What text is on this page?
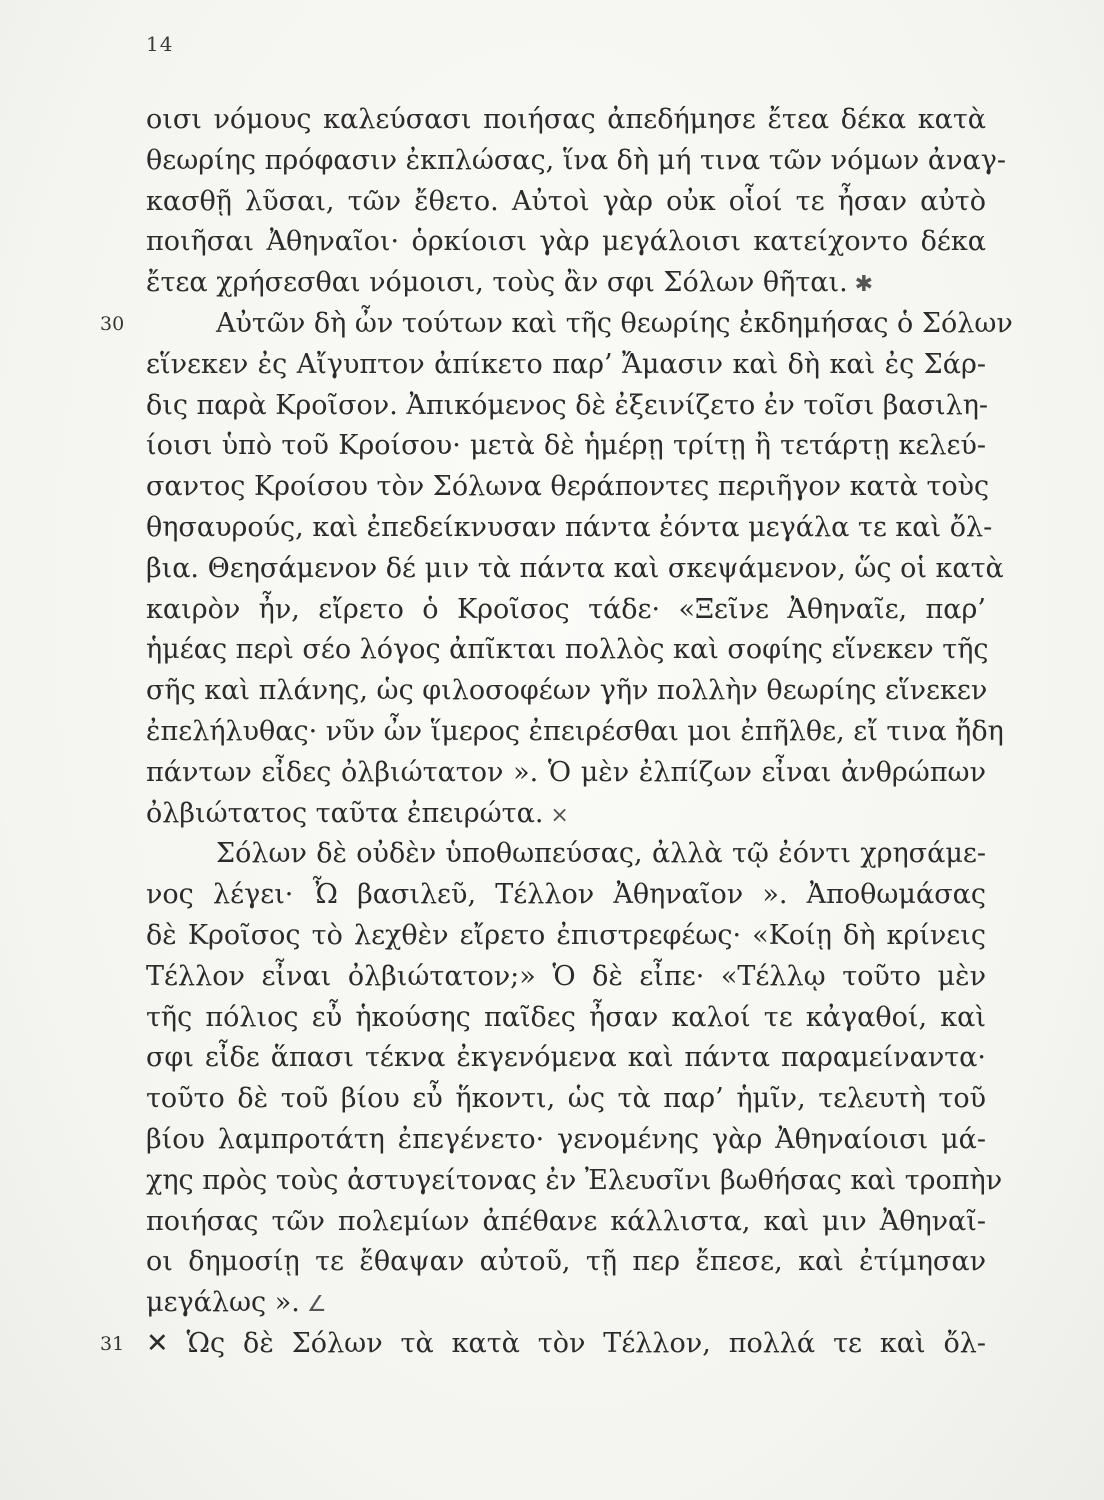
14
οισι νόμους καλεύσασι ποιήσας ἀπεδήμησε ἔτεα δέκα κατὰ
θεωρίης πρόφασιν ἐκπλώσας, ἵνα δὴ μή τινα τῶν νόμων ἀναγ-
κασθῇ λῦσαι, τῶν ἔθετο. Αὐτοὶ γὰρ οὐκ οἷοί τε ἦσαν αὐτὸ
ποιῆσαι Ἀθηναῖοι· ὁρκίοισι γὰρ μεγάλοισι κατείχοντο δέκα
ἔτεα χρήσεσθαι νόμοισι, τοὺς ἂν σφι Σόλων θῆται. ✱
30	Αὐτῶν δὴ ὦν τούτων καὶ τῆς θεωρίης ἐκδημήσας ὁ Σόλων
εἵνεκεν ἐς Αἴγυπτον ἀπίκετο παρ’ Ἄμασιν καὶ δὴ καὶ ἐς Σάρ-
δις παρὰ Κροῖσον. Ἀπικόμενος δὲ ἐξεινίζετο ἐν τοῖσι βασιλη-
ίοισι ὑπὸ τοῦ Κροίσου· μετὰ δὲ ἡμέρῃ τρίτῃ ἢ τετάρτῃ κελεύ-
σαντος Κροίσου τὸν Σόλωνα θεράποντες περιῆγον κατὰ τοὺς
θησαυρούς, καὶ ἐπεδείκνυσαν πάντα ἐόντα μεγάλα τε καὶ ὄλ-
βια. Θεησάμενον δέ μιν τὰ πάντα καὶ σκεψάμενον, ὥς οἱ κατὰ
καιρὸν ἦν, εἴρετο ὁ Κροῖσος τάδε· «Ξεῖνε Ἀθηναῖε, παρ’
ἡμέας περὶ σέο λόγος ἀπῖκται πολλὸς καὶ σοφίης εἵνεκεν τῆς
σῆς καὶ πλάνης, ὡς φιλοσοφέων γῆν πολλὴν θεωρίης εἵνεκεν
ἐπελήλυθας· νῦν ὦν ἵμερος ἐπειρέσθαι μοι ἐπῆλθε, εἴ τινα ἤδη
πάντων εἶδες ὀλβιώτατον ». Ὁ μὲν ἐλπίζων εἶναι ἀνθρώπων
ὀλβιώτατος ταῦτα ἐπειρώτα. ×
Σόλων δὲ οὐδὲν ὑποθωπεύσας, ἀλλὰ τῷ ἐόντι χρησάμε-
νος λέγει· Ὦ βασιλεῦ, Τέλλον Ἀθηναῖον ». Ἀποθωμάσας
δὲ Κροῖσος τὸ λεχθὲν εἴρετο ἐπιστρεφέως· «Κοίῃ δὴ κρίνεις
Τέλλον εἶναι ὀλβιώτατον;» Ὁ δὲ εἶπε· «Τέλλῳ τοῦτο μὲν
τῆς πόλιος εὖ ἡκούσης παῖδες ἦσαν καλοί τε κἀγαθοί, καὶ
σφι εἶδε ἅπασι τέκνα ἐκγενόμενα καὶ πάντα παραμείναντα·
τοῦτο δὲ τοῦ βίου εὖ ἥκοντι, ὡς τὰ παρ’ ἡμῖν, τελευτὴ τοῦ
βίου λαμπροτάτη ἐπεγένετο· γενομένης γὰρ Ἀθηναίοισι μά-
χης πρὸς τοὺς ἀστυγείτονας ἐν Ἐλευσῖνι βωθήσας καὶ τροπὴν
ποιήσας τῶν πολεμίων ἀπέθανε κάλλιστα, καὶ μιν Ἀθηναῖ-
οι δημοσίῃ τε ἔθαψαν αὐτοῦ, τῇ περ ἔπεσε, καὶ ἐτίμησαν
μεγάλως ». ∠
31 ✕ Ὡς δὲ Σόλων τὰ κατὰ τὸν Τέλλον, πολλά τε καὶ ὄλ-
